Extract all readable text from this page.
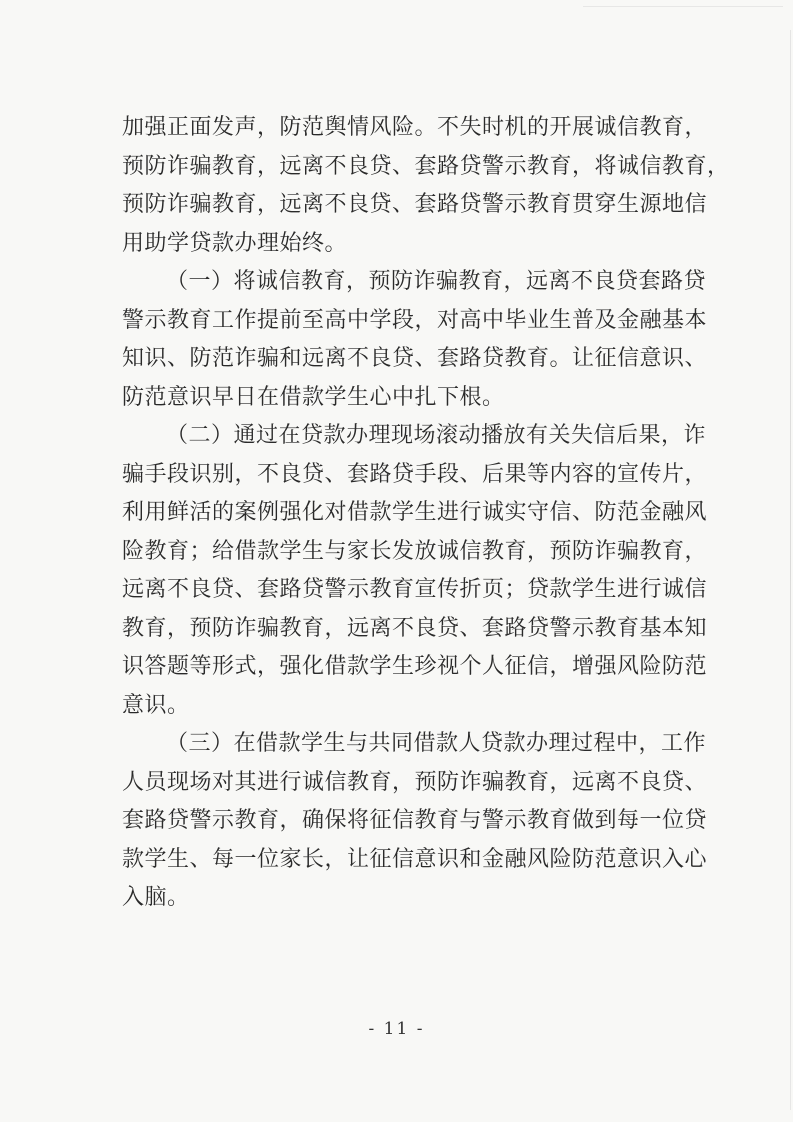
加强正面发声，防范舆情风险。不失时机的开展诚信教育，
预防诈骗教育，远离不良贷、套路贷警示教育，将诚信教育，
预防诈骗教育，远离不良贷、套路贷警示教育贯穿生源地信
用助学贷款办理始终。
（一）将诚信教育，预防诈骗教育，远离不良贷套路贷
警示教育工作提前至高中学段，对高中毕业生普及金融基本
知识、防范诈骗和远离不良贷、套路贷教育。让征信意识、
防范意识早日在借款学生心中扎下根。
（二）通过在贷款办理现场滚动播放有关失信后果，诈
骗手段识别，不良贷、套路贷手段、后果等内容的宣传片，
利用鲜活的案例强化对借款学生进行诚实守信、防范金融风
险教育；给借款学生与家长发放诚信教育，预防诈骗教育，
远离不良贷、套路贷警示教育宣传折页；贷款学生进行诚信
教育，预防诈骗教育，远离不良贷、套路贷警示教育基本知
识答题等形式，强化借款学生珍视个人征信，增强风险防范
意识。
（三）在借款学生与共同借款人贷款办理过程中，工作
人员现场对其进行诚信教育，预防诈骗教育，远离不良贷、
套路贷警示教育，确保将征信教育与警示教育做到每一位贷
款学生、每一位家长，让征信意识和金融风险防范意识入心
入脑。
- 11 -
